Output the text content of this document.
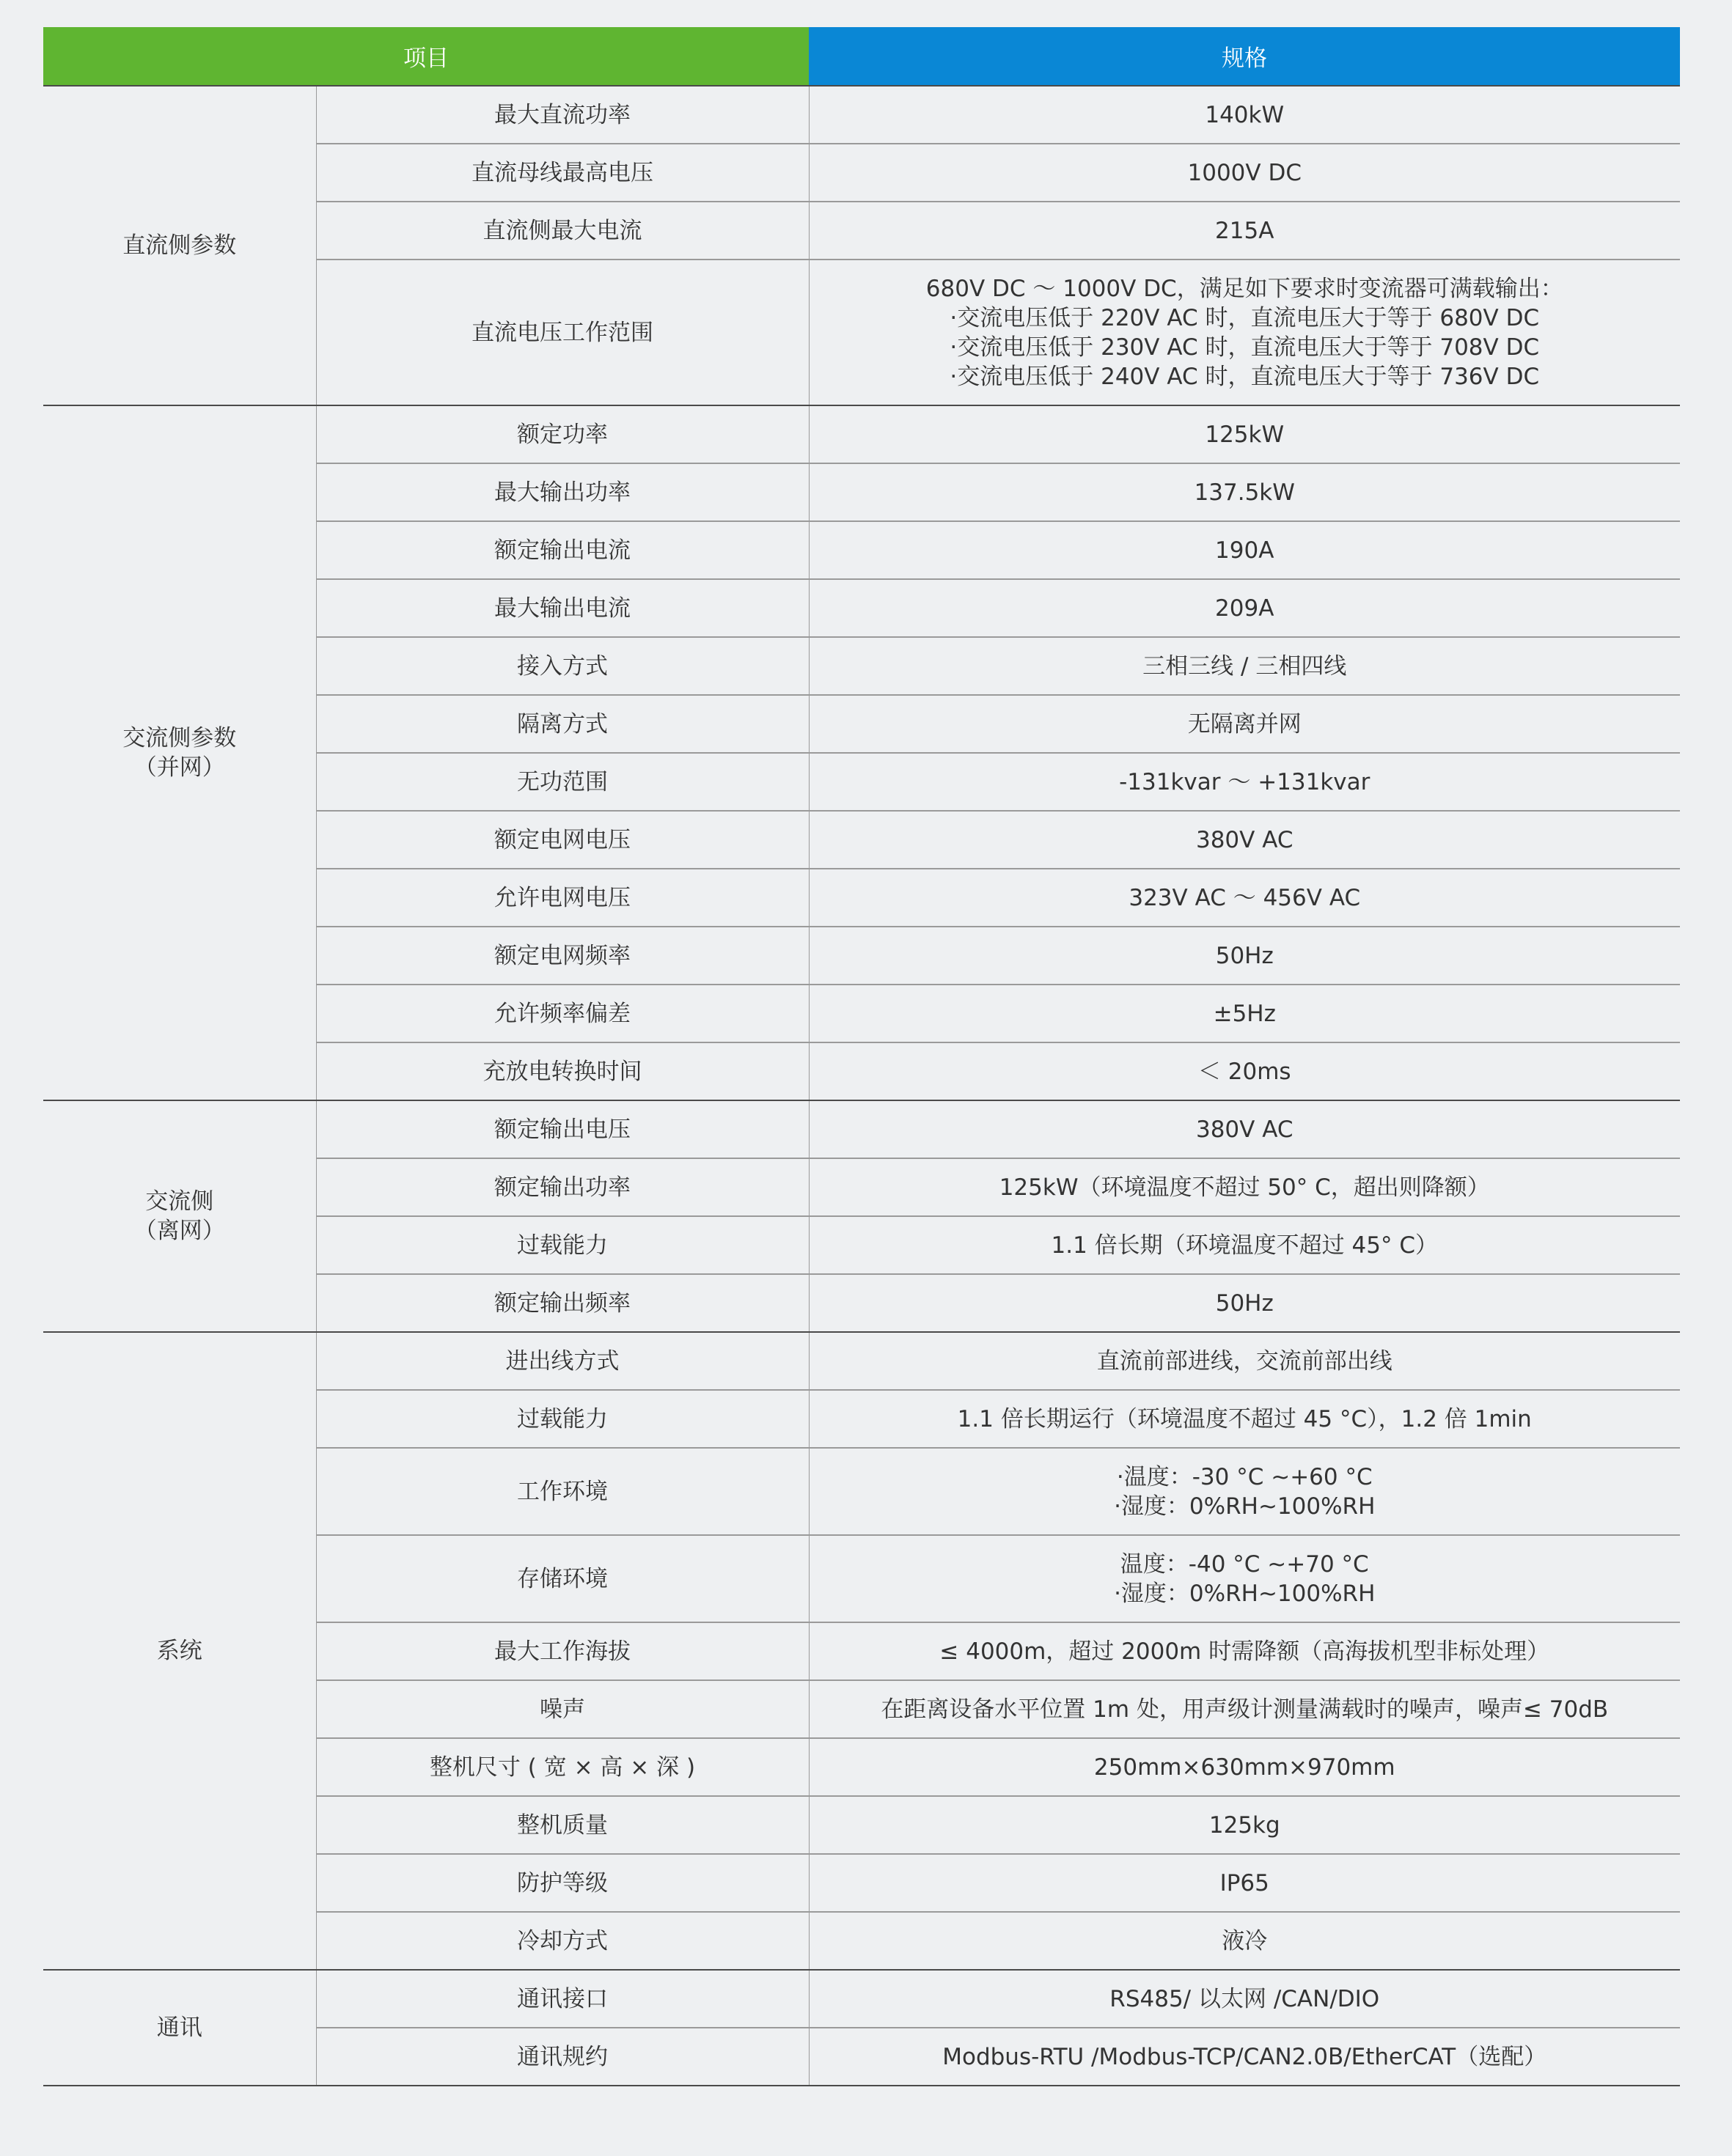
项目		规格
直流侧参数	最大直流功率	140kW

	直流母线最高电压	1000V DC

	直流侧最大电流	215A

	直流电压工作范围	680V DC ～ 1000V DC，满足如下要求时变流器可满载输出：
·交流电压低于 220V AC 时，直流电压大于等于 680V DC
·交流电压低于 230V AC 时，直流电压大于等于 708V DC
·交流电压低于 240V AC 时，直流电压大于等于 736V DC

交流侧参数
（并网）	额定功率	125kW

	最大输出功率	137.5kW

	额定输出电流	190A

	最大输出电流	209A

	接入方式	三相三线 / 三相四线

	隔离方式	无隔离并网

	无功范围	-131kvar ～ +131kvar

	额定电网电压	380V AC

	允许电网电压	323V AC ～ 456V AC

	额定电网频率	50Hz

	允许频率偏差	±5Hz

	充放电转换时间	＜ 20ms

交流侧
（离网）	额定输出电压	380V AC

	额定输出功率	125kW（环境温度不超过 50° C，超出则降额）

	过载能力	1.1 倍长期（环境温度不超过 45° C）

	额定输出频率	50Hz

系统	进出线方式	直流前部进线，交流前部出线

	过载能力	1.1 倍长期运行（环境温度不超过 45 °C），1.2 倍 1min

	工作环境	·温度：-30 °C ~+60 °C
·湿度：0%RH~100%RH

	存储环境	温度：-40 °C ~+70 °C
·湿度：0%RH~100%RH

	最大工作海拔	≤ 4000m，超过 2000m 时需降额（高海拔机型非标处理）

	噪声	在距离设备水平位置 1m 处，用声级计测量满载时的噪声，噪声≤ 70dB

	整机尺寸 ( 宽 × 高 × 深 )	250mm×630mm×970mm

	整机质量	125kg

	防护等级	IP65

	冷却方式	液冷

通讯	通讯接口	RS485/ 以太网 /CAN/DIO

	通讯规约	Modbus-RTU /Modbus-TCP/CAN2.0B/EtherCAT（选配）
